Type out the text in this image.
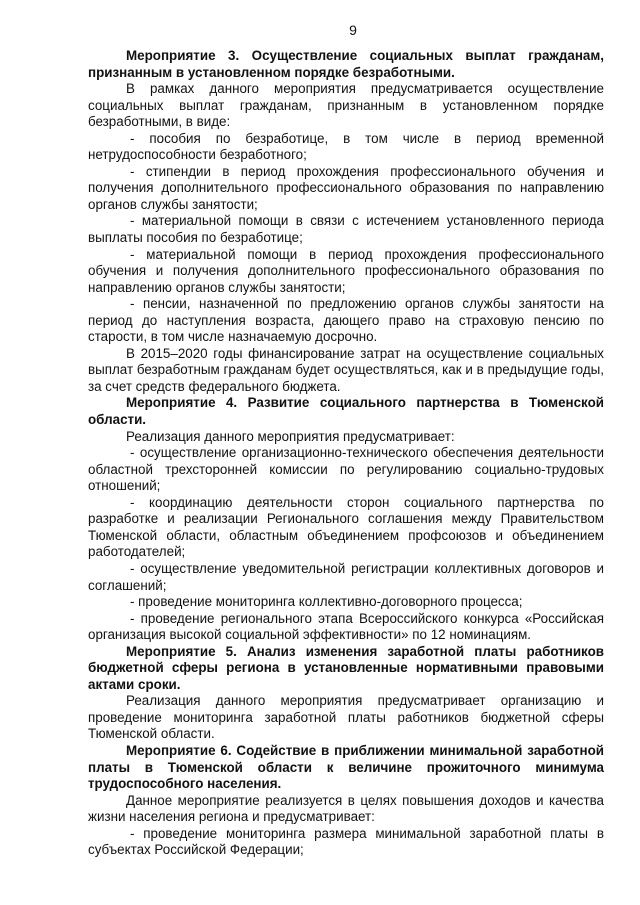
9

Мероприятие 3. Осуществление социальных выплат гражданам, признанным в установленном порядке безработными.

В рамках данного мероприятия предусматривается осуществление социальных выплат гражданам, признанным в установленном порядке безработными, в виде:

- пособия по безработице, в том числе в период временной нетрудоспособности безработного;

- стипендии в период прохождения профессионального обучения и получения дополнительного профессионального образования по направлению органов службы занятости;

- материальной помощи в связи с истечением установленного периода выплаты пособия по безработице;

- материальной помощи в период прохождения профессионального обучения и получения дополнительного профессионального образования по направлению органов службы занятости;

- пенсии, назначенной по предложению органов службы занятости на период до наступления возраста, дающего право на страховую пенсию по старости, в том числе назначаемую досрочно.

В 2015–2020 годы финансирование затрат на осуществление социальных выплат безработным гражданам будет осуществляться, как и в предыдущие годы, за счет средств федерального бюджета.

Мероприятие 4. Развитие социального партнерства в Тюменской области.

Реализация данного мероприятия предусматривает:

- осуществление организационно-технического обеспечения деятельности областной трехсторонней комиссии по регулированию социально-трудовых отношений;

- координацию деятельности сторон социального партнерства по разработке и реализации Регионального соглашения между Правительством Тюменской области, областным объединением профсоюзов и объединением работодателей;

- осуществление уведомительной регистрации коллективных договоров и соглашений;

- проведение мониторинга коллективно-договорного процесса;

- проведение регионального этапа Всероссийского конкурса «Российская организация высокой социальной эффективности» по 12 номинациям.

Мероприятие 5. Анализ изменения заработной платы работников бюджетной сферы региона в установленные нормативными правовыми актами сроки.

Реализация данного мероприятия предусматривает организацию и проведение мониторинга заработной платы работников бюджетной сферы Тюменской области.

Мероприятие 6. Содействие в приближении минимальной заработной платы в Тюменской области к величине прожиточного минимума трудоспособного населения.

Данное мероприятие реализуется в целях повышения доходов и качества жизни населения региона и предусматривает:

- проведение мониторинга размера минимальной заработной платы в субъектах Российской Федерации;
